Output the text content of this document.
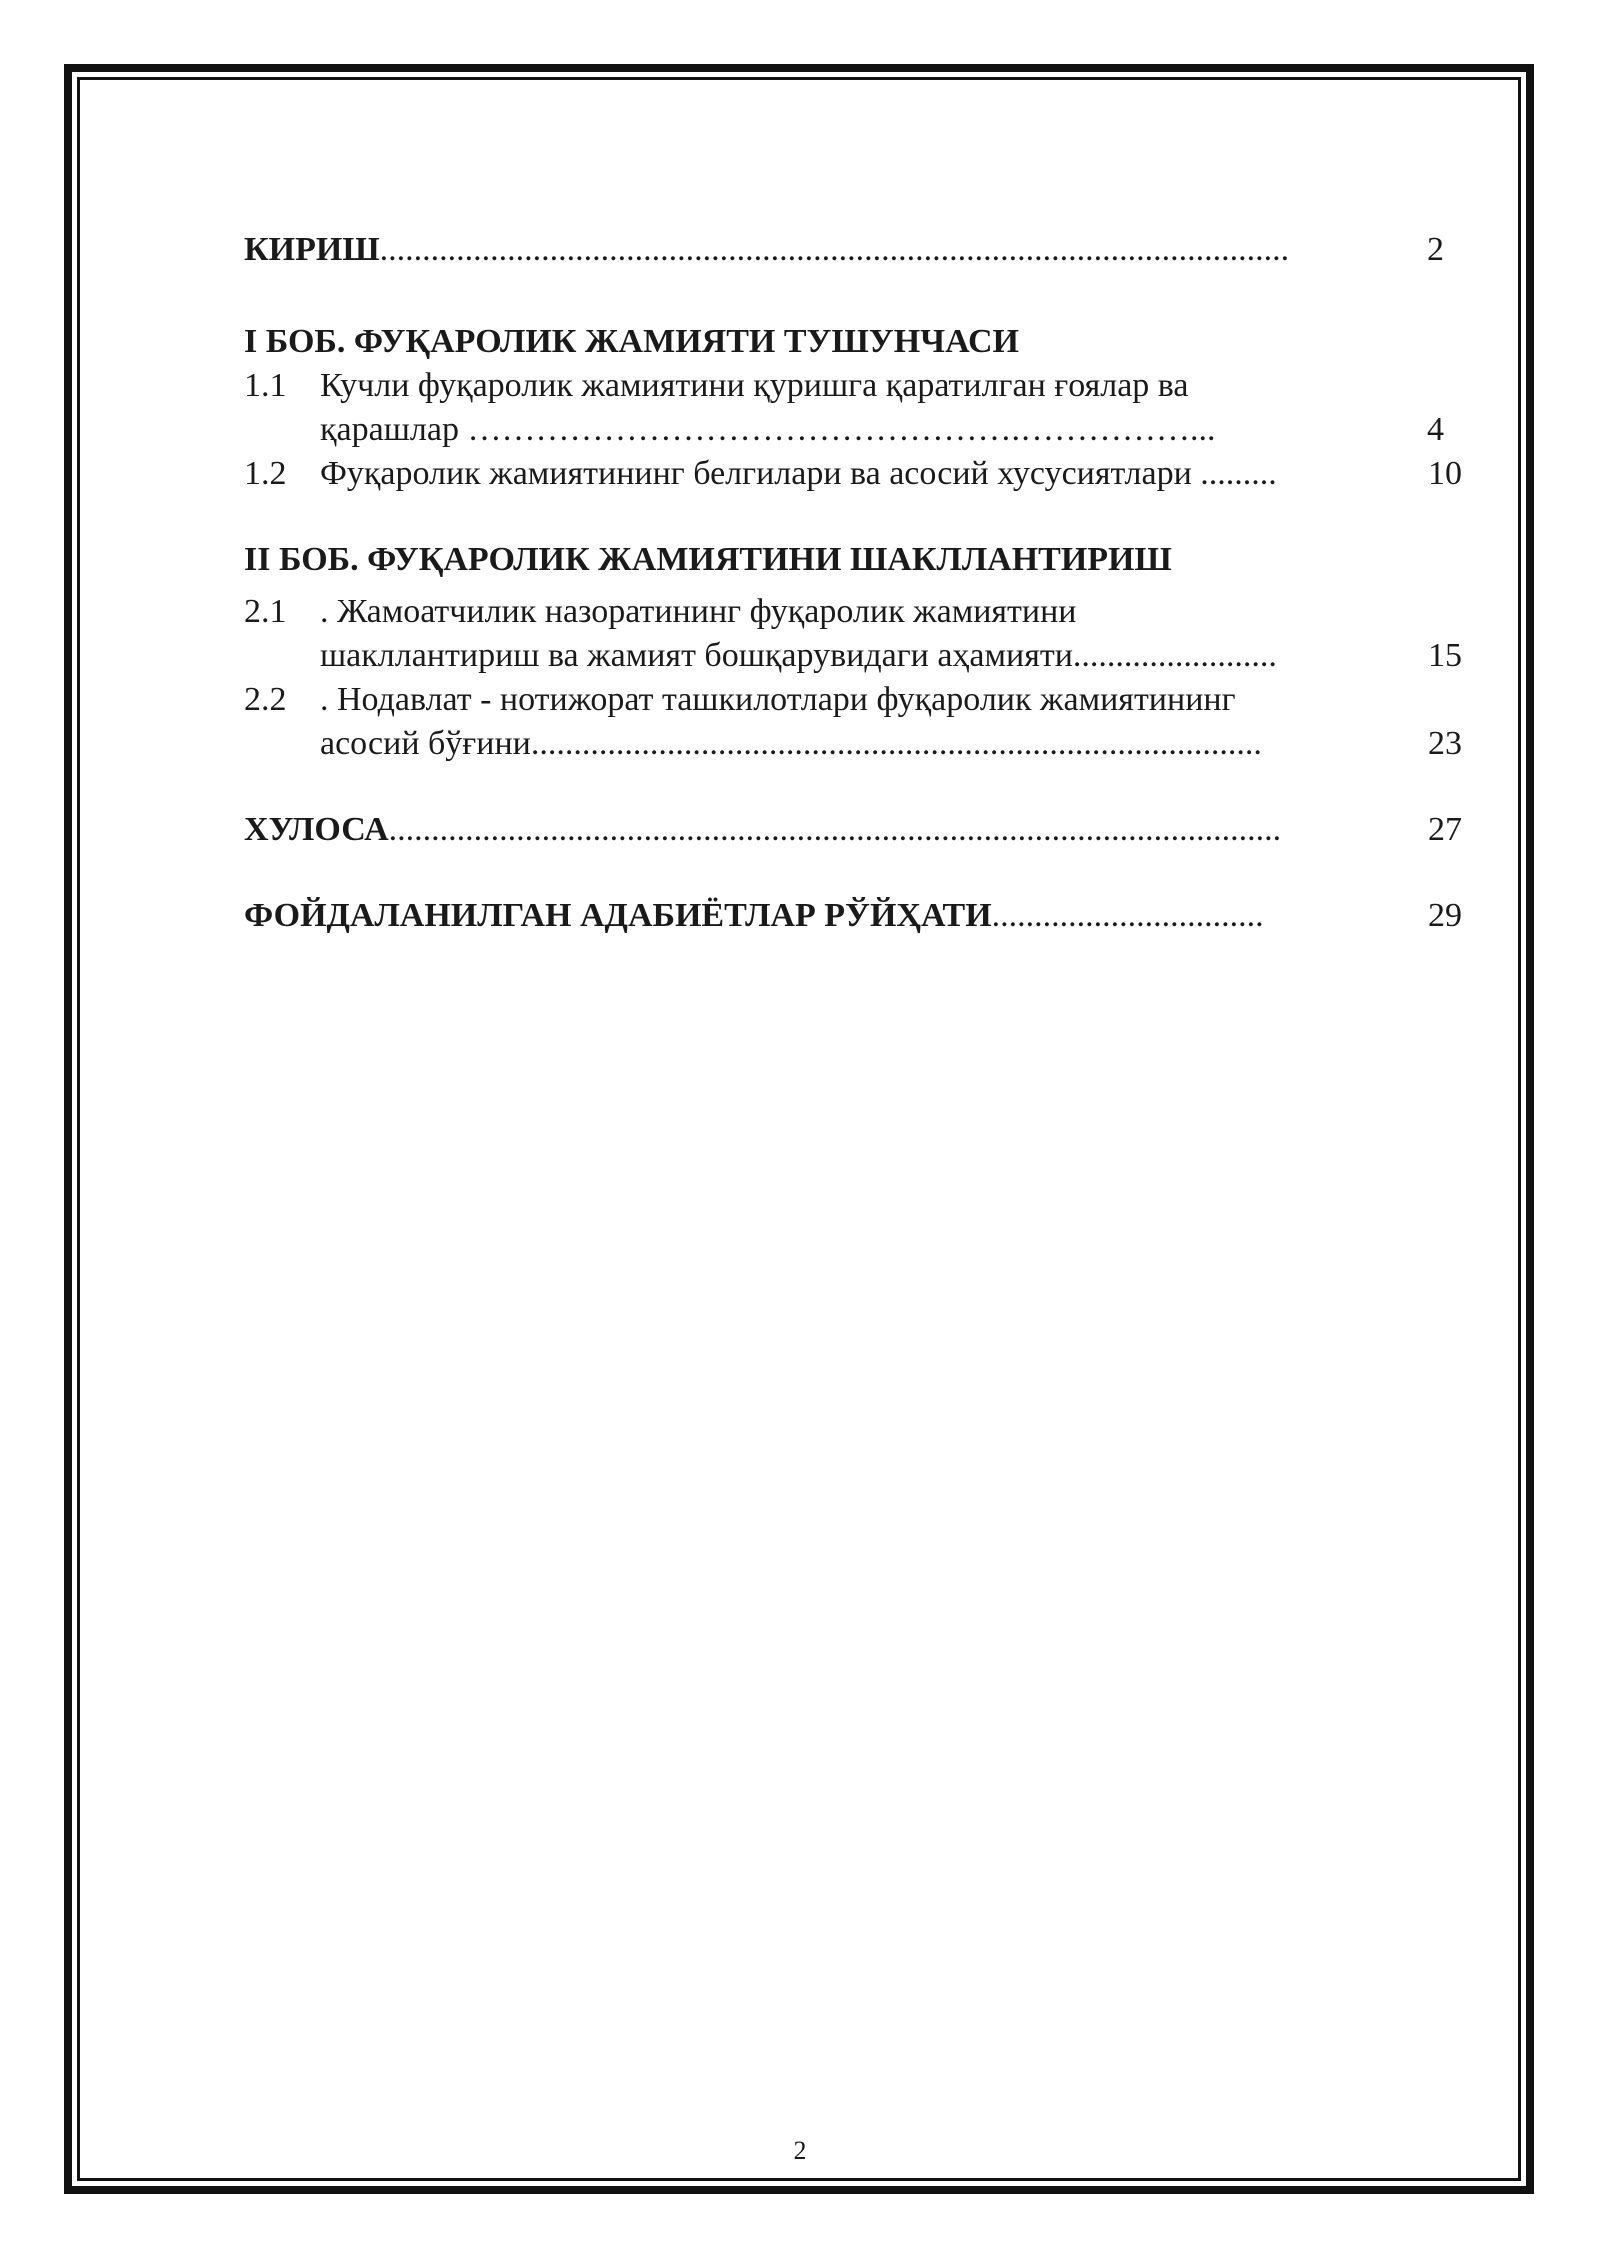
КИРИШ...........................................................................................................	2
I БОБ. ФУҚАРОЛИК ЖАМИЯТИ ТУШУНЧАСИ
1.1 Кучли фуқаролик жамиятини қуришга қаратилган ғоялар ва
қарашлар ………………………………………….……………...	4
1.2 Фуқаролик жамиятининг белгилари ва асосий хусусиятлари .........	10
II БОБ. ФУҚАРОЛИК ЖАМИЯТИНИ ШАКЛЛАНТИРИШ
2.1 . Жамоатчилик назоратининг фуқаролик жамиятини
шакллантириш ва жамият бошқарувидаги аҳамияти........................	15
2.2 . Нодавлат - нотижорат ташкилотлари фуқаролик жамиятининг
асосий бўғини......................................................................................	23
ХУЛОСА.........................................................................................................	27
ФОЙДАЛАНИЛГАН АДАБИЁТЛАР РЎЙҲАТИ................................	29
2
